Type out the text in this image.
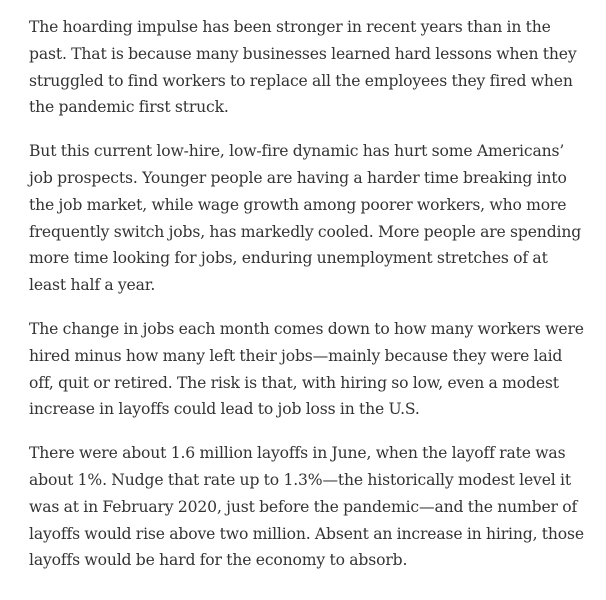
The hoarding impulse has been stronger in recent years than in the
past. That is because many businesses learned hard lessons when they
struggled to find workers to replace all the employees they fired when
the pandemic first struck.

But this current low-hire, low-fire dynamic has hurt some Americans’
job prospects. Younger people are having a harder time breaking into
the job market, while wage growth among poorer workers, who more
frequently switch jobs, has markedly cooled. More people are spending
more time looking for jobs, enduring unemployment stretches of at
least half a year.

The change in jobs each month comes down to how many workers were
hired minus how many left their jobs—mainly because they were laid
off, quit or retired. The risk is that, with hiring so low, even a modest
increase in layoffs could lead to job loss in the U.S.

There were about 1.6 million layoffs in June, when the layoff rate was
about 1%. Nudge that rate up to 1.3%—the historically modest level it
was at in February 2020, just before the pandemic—and the number of
layoffs would rise above two million. Absent an increase in hiring, those
layoffs would be hard for the economy to absorb.
